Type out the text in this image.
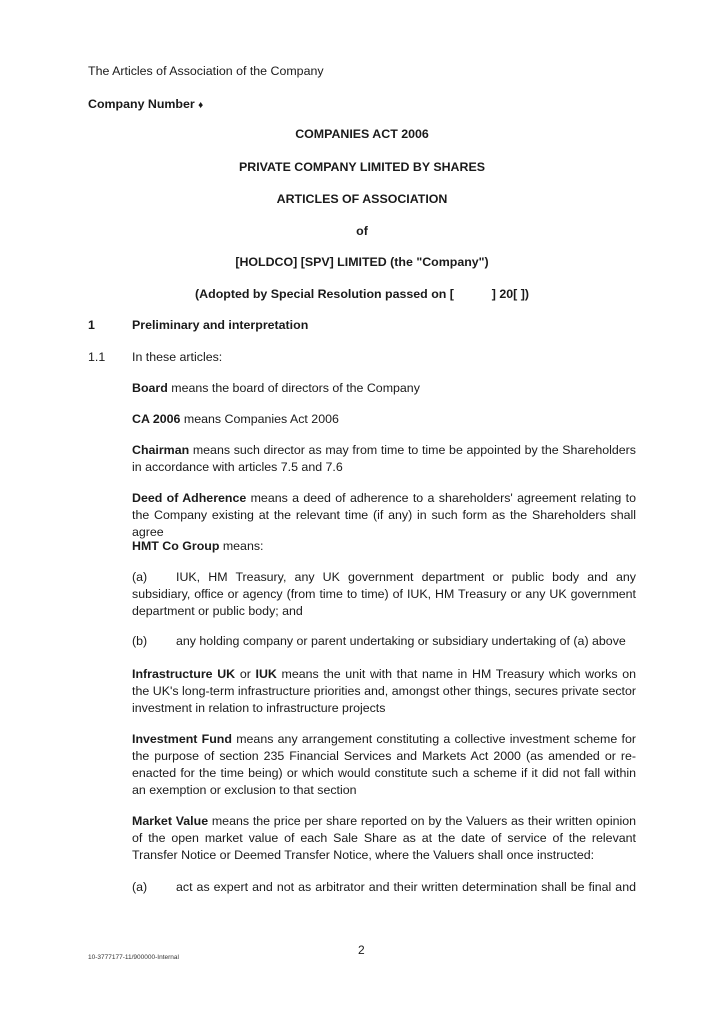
The Articles of Association of the Company
Company Number ♦
COMPANIES ACT 2006
PRIVATE COMPANY LIMITED BY SHARES
ARTICLES OF ASSOCIATION
of
[HOLDCO] [SPV] LIMITED (the "Company")
(Adopted by Special Resolution passed on [           ] 20[ ])
1	Preliminary and interpretation
1.1 In these articles:
Board means the board of directors of the Company
CA 2006 means Companies Act 2006
Chairman means such director as may from time to time be appointed by the Shareholders in accordance with articles 7.5 and 7.6
Deed of Adherence means a deed of adherence to a shareholders' agreement relating to the Company existing at the relevant time (if any) in such form as the Shareholders shall agree
HMT Co Group means:
(a) IUK, HM Treasury, any UK government department or public body and any subsidiary, office or agency (from time to time) of IUK, HM Treasury or any UK government department or public body; and
(b) any holding company or parent undertaking or subsidiary undertaking of (a) above
Infrastructure UK or IUK means the unit with that name in HM Treasury which works on the UK's long-term infrastructure priorities and, amongst other things, secures private sector investment in relation to infrastructure projects
Investment Fund means any arrangement constituting a collective investment scheme for the purpose of section 235 Financial Services and Markets Act 2000 (as amended or re-enacted for the time being) or which would constitute such a scheme if it did not fall within an exemption or exclusion to that section
Market Value means the price per share reported on by the Valuers as their written opinion of the open market value of each Sale Share as at the date of service of the relevant Transfer Notice or Deemed Transfer Notice, where the Valuers shall once instructed:
(a) act as expert and not as arbitrator and their written determination shall be final and
2
10-3777177-11/900000-Internal
